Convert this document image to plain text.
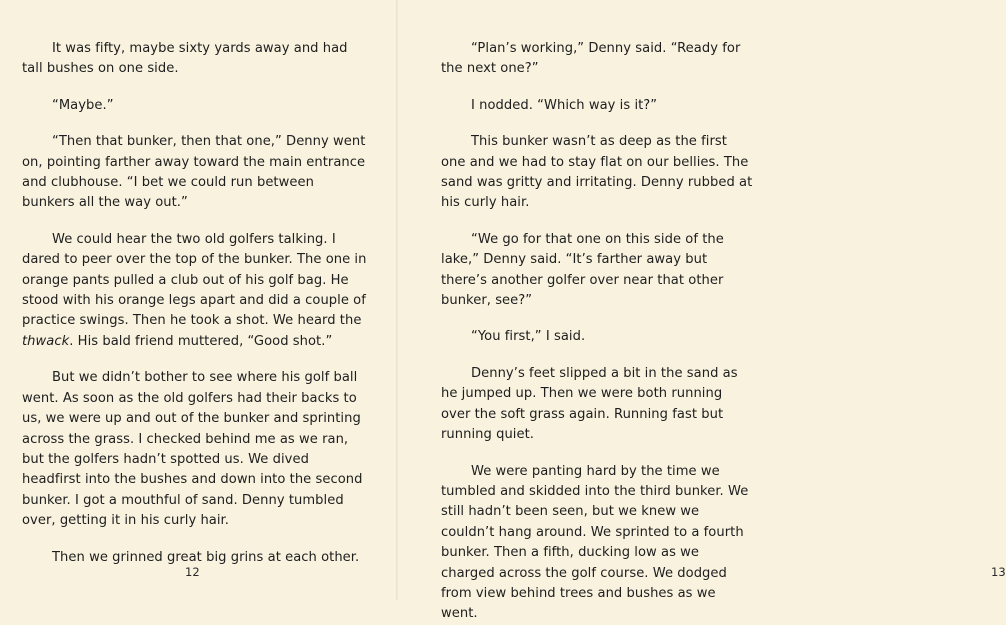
It was fifty, maybe sixty yards away and had tall bushes on one side.

“Maybe.”

“Then that bunker, then that one,” Denny went on, pointing farther away toward the main entrance and clubhouse. “I bet we could run between bunkers all the way out.”

We could hear the two old golfers talking. I dared to peer over the top of the bunker. The one in orange pants pulled a club out of his golf bag. He stood with his orange legs apart and did a couple of practice swings. Then he took a shot. We heard the thwack. His bald friend muttered, “Good shot.”

But we didn’t bother to see where his golf ball went. As soon as the old golfers had their backs to us, we were up and out of the bunker and sprinting across the grass. I checked behind me as we ran, but the golfers hadn’t spotted us. We dived headfirst into the bushes and down into the second bunker. I got a mouthful of sand. Denny tumbled over, getting it in his curly hair.

Then we grinned great big grins at each other.

12

“Plan’s working,” Denny said. “Ready for the next one?”

I nodded. “Which way is it?”

This bunker wasn’t as deep as the first one and we had to stay flat on our bellies. The sand was gritty and irritating. Denny rubbed at his curly hair.

“We go for that one on this side of the lake,” Denny said. “It’s farther away but there’s another golfer over near that other bunker, see?”

“You first,” I said.

Denny’s feet slipped a bit in the sand as he jumped up. Then we were both running over the soft grass again. Running fast but running quiet.

We were panting hard by the time we tumbled and skidded into the third bunker. We still hadn’t been seen, but we knew we couldn’t hang around. We sprinted to a fourth bunker. Then a fifth, ducking low as we charged across the golf course. We dodged from view behind trees and bushes as we went.

13
